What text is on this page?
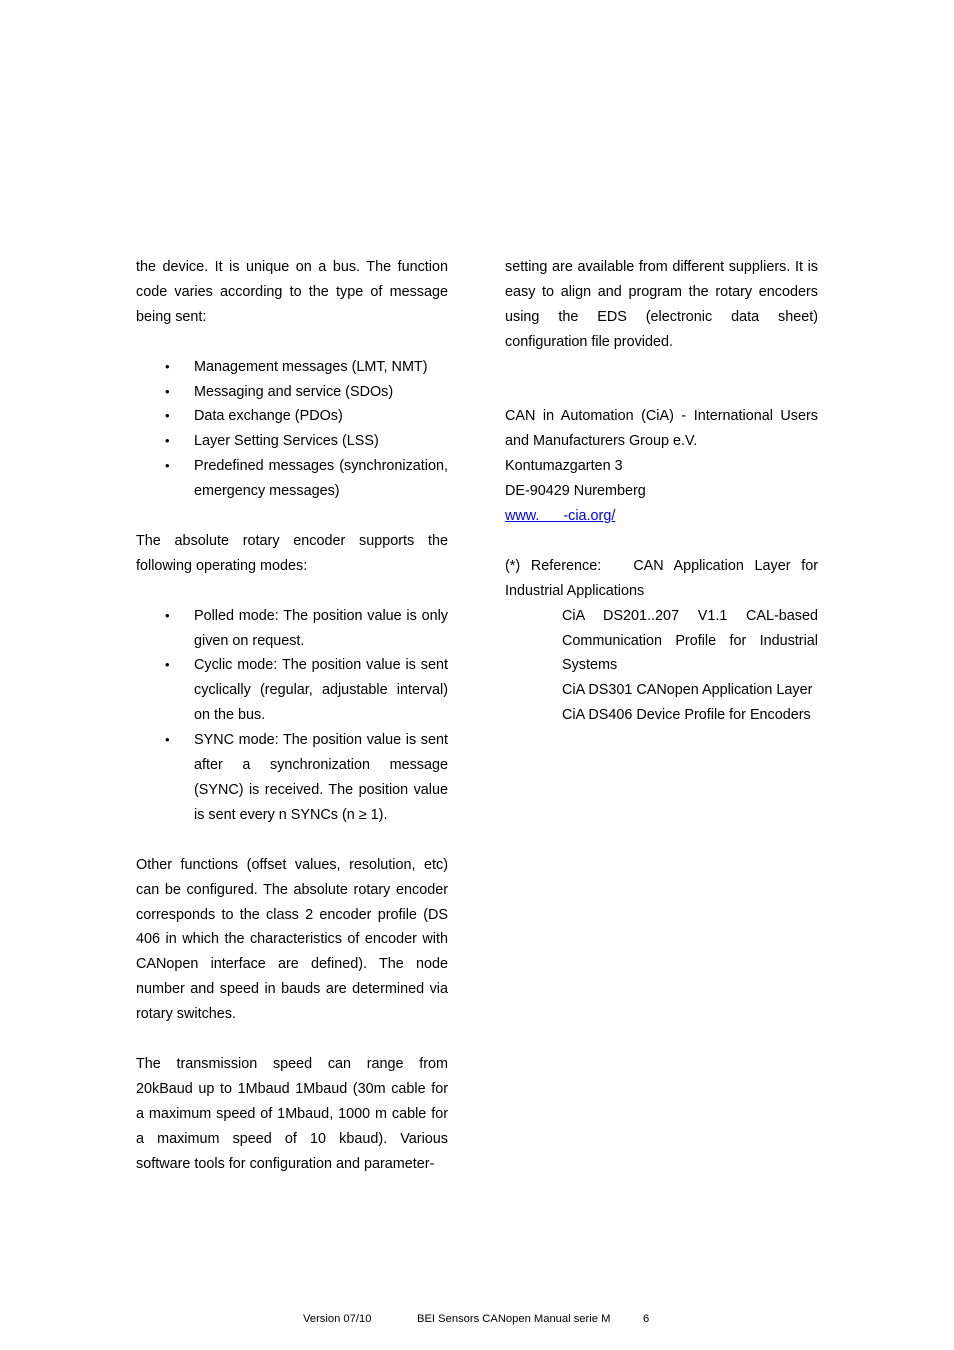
the device. It is unique on a bus. The function code varies according to the type of message being sent:

• Management messages (LMT, NMT)
• Messaging and service (SDOs)
• Data exchange (PDOs)
• Layer Setting Services (LSS)
• Predefined messages (synchronization, emergency messages)

The absolute rotary encoder supports the following operating modes:

• Polled mode: The position value is only given on request.
• Cyclic mode: The position value is sent cyclically (regular, adjustable interval) on the bus.
• SYNC mode: The position value is sent after a synchronization message (SYNC) is received. The position value is sent every n SYNCs (n ≥ 1).

Other functions (offset values, resolution, etc) can be configured. The absolute rotary encoder corresponds to the class 2 encoder profile (DS 406 in which the characteristics of encoder with CANopen interface are defined). The node number and speed in bauds are determined via rotary switches.

The transmission speed can range from 20kBaud up to 1Mbaud 1Mbaud (30m cable for a maximum speed of 1Mbaud, 1000 m cable for a maximum speed of 10 kbaud). Various software tools for configuration and parameter-

setting are available from different suppliers. It is easy to align and program the rotary encoders using the EDS (electronic data sheet) configuration file provided.

CAN in Automation (CiA) - International Users and Manufacturers Group e.V.

Kontumazgarten 3

DE-90429 Nuremberg

www.      -cia.org/

(*) Reference:   CAN Application Layer for Industrial Applications

CiA DS201..207 V1.1 CAL-based Communication Profile for Industrial Systems

CiA DS301 CANopen Application Layer

CiA DS406 Device Profile for Encoders

Version 07/10	BEI Sensors CANopen Manual serie M	6
